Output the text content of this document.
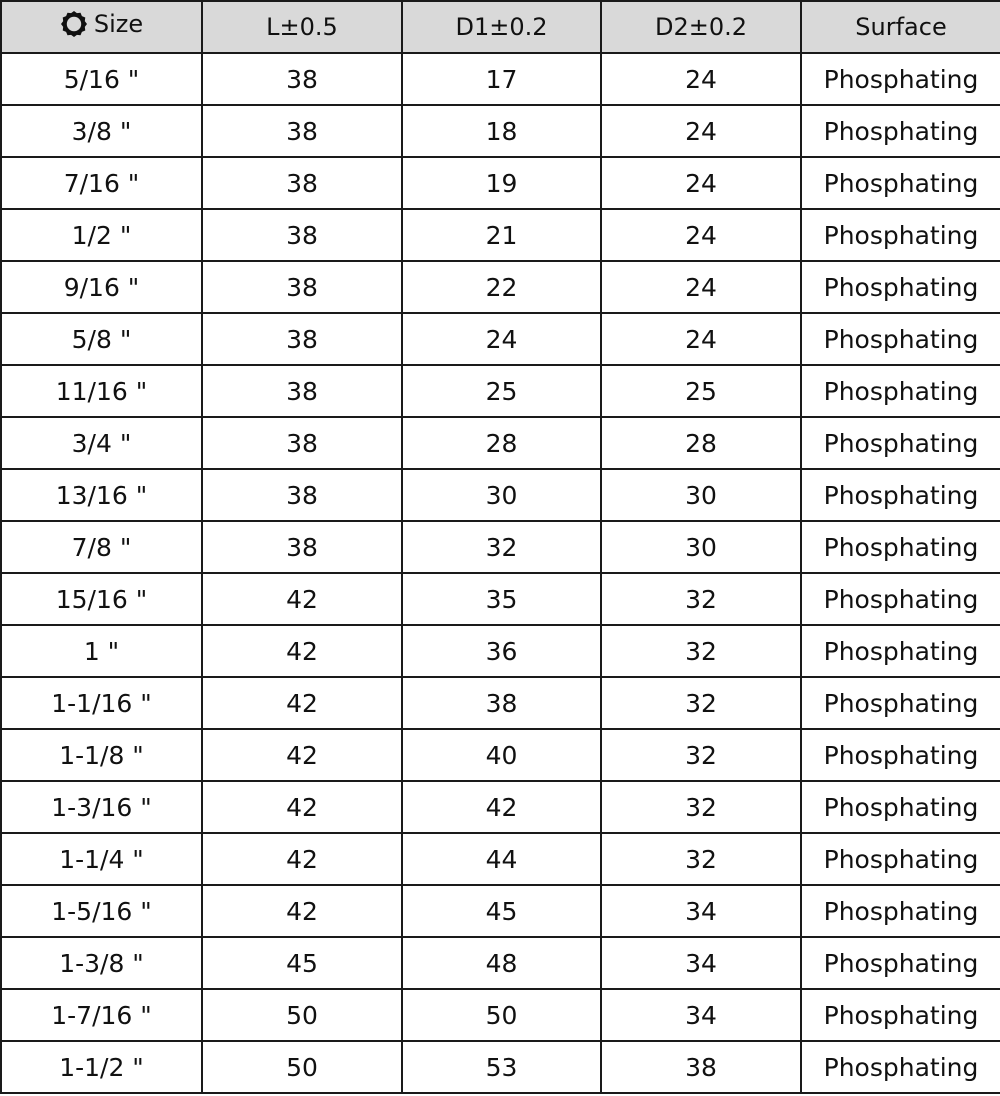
Size	L±0.5	D1±0.2	D2±0.2	Surface
5/16 "	38	17	24	Phosphating
3/8 "	38	18	24	Phosphating
7/16 "	38	19	24	Phosphating
1/2 "	38	21	24	Phosphating
9/16 "	38	22	24	Phosphating
5/8 "	38	24	24	Phosphating
11/16 "	38	25	25	Phosphating
3/4 "	38	28	28	Phosphating
13/16 "	38	30	30	Phosphating
7/8 "	38	32	30	Phosphating
15/16 "	42	35	32	Phosphating
1 "	42	36	32	Phosphating
1-1/16 "	42	38	32	Phosphating
1-1/8 "	42	40	32	Phosphating
1-3/16 "	42	42	32	Phosphating
1-1/4 "	42	44	32	Phosphating
1-5/16 "	42	45	34	Phosphating
1-3/8 "	45	48	34	Phosphating
1-7/16 "	50	50	34	Phosphating
1-1/2 "	50	53	38	Phosphating
